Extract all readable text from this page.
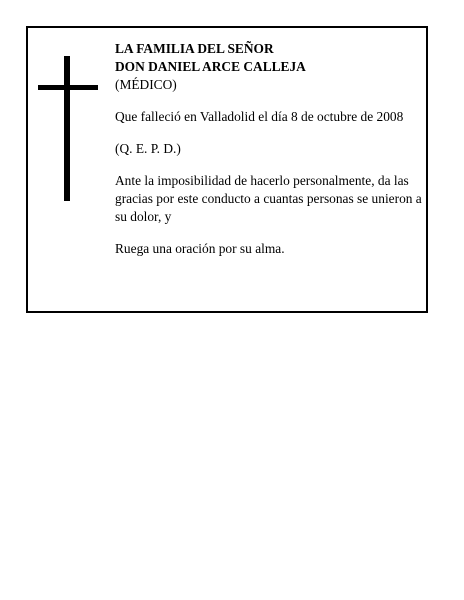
LA FAMILIA DEL SEÑOR

DON DANIEL ARCE CALLEJA

(MÉDICO)

Que falleció en Valladolid el día 8 de octubre de 2008

(Q. E. P. D.)

Ante la imposibilidad de hacerlo personalmente, da las gracias por este conducto a cuantas personas se unieron a su dolor, y

Ruega una oración por su alma.
